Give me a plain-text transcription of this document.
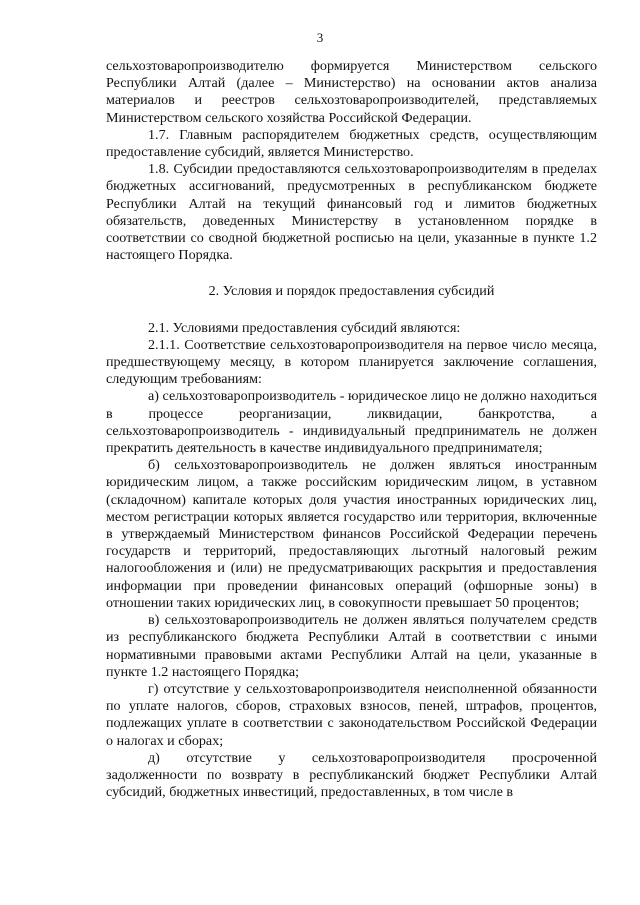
3

сельхозтоваропроизводителю формируется Министерством сельского Республики Алтай (далее – Министерство) на основании актов анализа материалов и реестров сельхозтоваропроизводителей, представляемых Министерством сельского хозяйства Российской Федерации.

1.7. Главным распорядителем бюджетных средств, осуществляющим предоставление субсидий, является Министерство.

1.8. Субсидии предоставляются сельхозтоваропроизводителям в пределах бюджетных ассигнований, предусмотренных в республиканском бюджете Республики Алтай на текущий финансовый год и лимитов бюджетных обязательств, доведенных Министерству в установленном порядке в соответствии со сводной бюджетной росписью на цели, указанные в пункте 1.2 настоящего Порядка.

2. Условия и порядок предоставления субсидий

2.1. Условиями предоставления субсидий являются:

2.1.1. Соответствие сельхозтоваропроизводителя на первое число месяца, предшествующему месяцу, в котором планируется заключение соглашения, следующим требованиям:

а) сельхозтоваропроизводитель - юридическое лицо не должно находиться в процессе реорганизации, ликвидации, банкротства, а сельхозтоваропроизводитель - индивидуальный предприниматель не должен прекратить деятельность в качестве индивидуального предпринимателя;

б) сельхозтоваропроизводитель не должен являться иностранным юридическим лицом, а также российским юридическим лицом, в уставном (складочном) капитале которых доля участия иностранных юридических лиц, местом регистрации которых является государство или территория, включенные в утверждаемый Министерством финансов Российской Федерации перечень государств и территорий, предоставляющих льготный налоговый режим налогообложения и (или) не предусматривающих раскрытия и предоставления информации при проведении финансовых операций (офшорные зоны) в отношении таких юридических лиц, в совокупности превышает 50 процентов;

в) сельхозтоваропроизводитель не должен являться получателем средств из республиканского бюджета Республики Алтай в соответствии с иными нормативными правовыми актами Республики Алтай на цели, указанные в пункте 1.2 настоящего Порядка;

г) отсутствие у сельхозтоваропроизводителя неисполненной обязанности по уплате налогов, сборов, страховых взносов, пеней, штрафов, процентов, подлежащих уплате в соответствии с законодательством Российской Федерации о налогах и сборах;

д) отсутствие у сельхозтоваропроизводителя просроченной задолженности по возврату в республиканский бюджет Республики Алтай субсидий, бюджетных инвестиций, предоставленных, в том числе в
